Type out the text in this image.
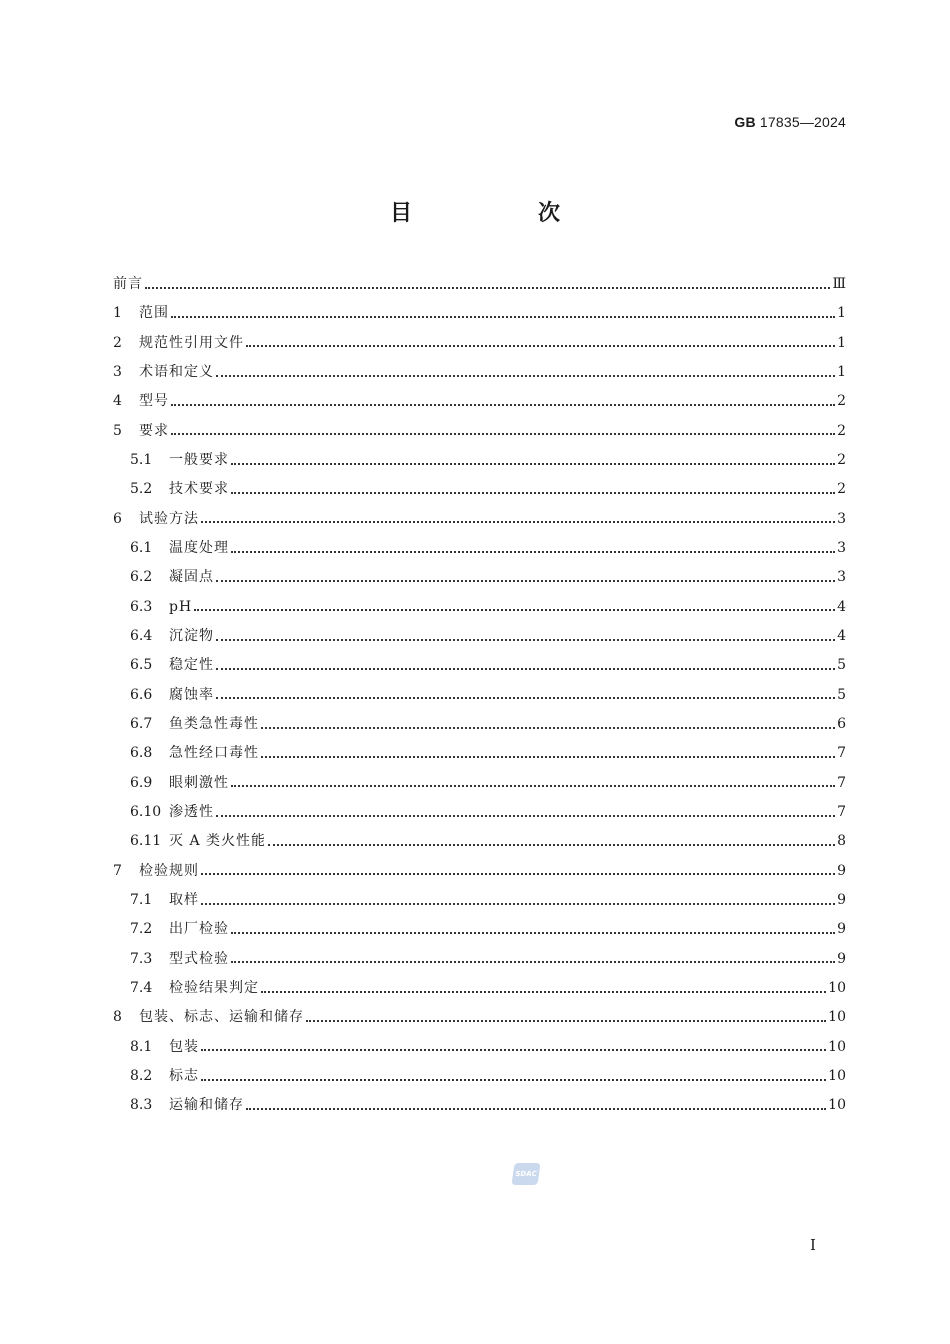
GB 17835—2024
目　次
前言	Ⅲ
1	范围	1
2	规范性引用文件	1
3	术语和定义	1
4	型号	2
5	要求	2
5.1	一般要求	2
5.2	技术要求	2
6	试验方法	3
6.1	温度处理	3
6.2	凝固点	3
6.3	pH	4
6.4	沉淀物	4
6.5	稳定性	5
6.6	腐蚀率	5
6.7	鱼类急性毒性	6
6.8	急性经口毒性	7
6.9	眼刺激性	7
6.10 渗透性	7
6.11 灭 A 类火性能	8
7	检验规则	9
7.1	取样	9
7.2	出厂检验	9
7.3	型式检验	9
7.4	检验结果判定	10
8	包装、标志、运输和储存	10
8.1	包装	10
8.2	标志	10
8.3	运输和储存	10
SDAC
I
